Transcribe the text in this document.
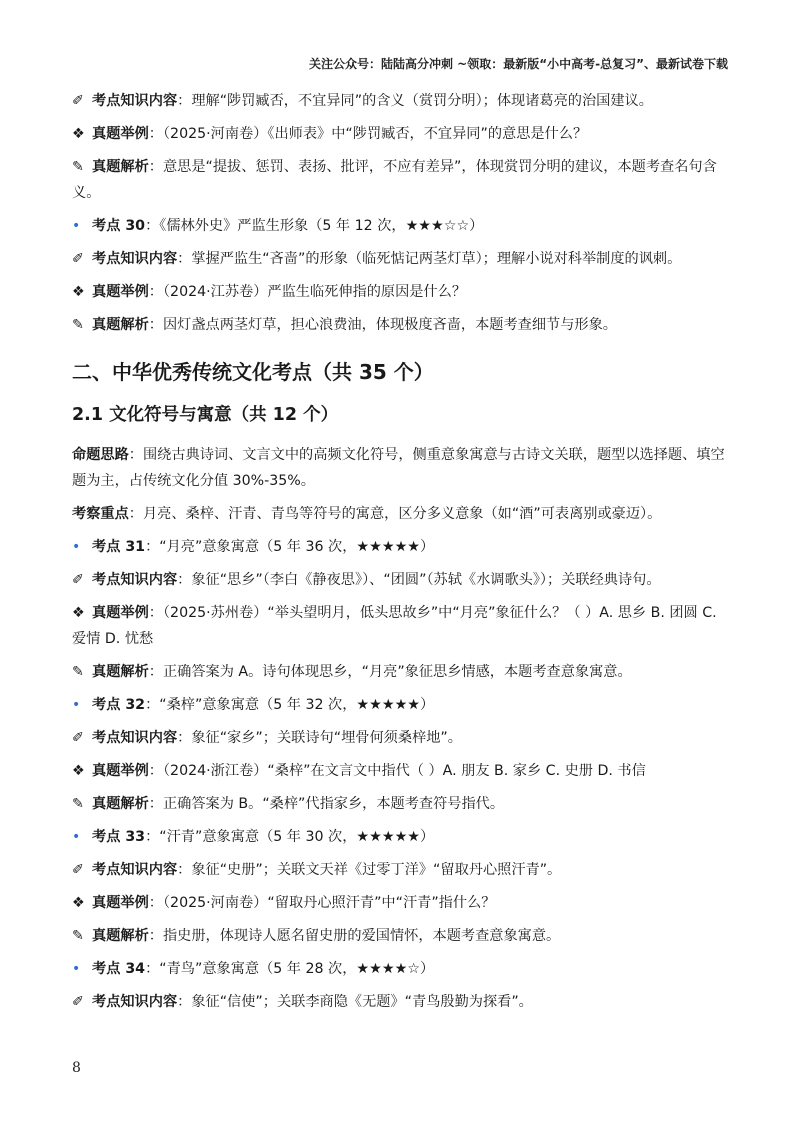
关注公众号：陆陆高分冲刺 ~领取：最新版“小中高考-总复习”、最新试卷下载
✐ 考点知识内容：理解“陟罚臧否，不宜异同”的含义（赏罚分明）；体现诸葛亮的治国建议。
❖ 真题举例：（2025·河南卷）《出师表》中“陟罚臧否，不宜异同”的意思是什么？
✎ 真题解析：意思是“提拔、惩罚、表扬、批评，不应有差异”，体现赏罚分明的建议，本题考查名句含义。
• 考点 30：《儒林外史》严监生形象（5 年 12 次，★★★☆☆）
✐ 考点知识内容：掌握严监生“吝啬”的形象（临死惦记两茎灯草）；理解小说对科举制度的讽刺。
❖ 真题举例：（2024·江苏卷）严监生临死伸指的原因是什么？
✎ 真题解析：因灯盏点两茎灯草，担心浪费油，体现极度吝啬，本题考查细节与形象。
二、中华优秀传统文化考点（共 35 个）
2.1 文化符号与寓意（共 12 个）
命题思路：围绕古典诗词、文言文中的高频文化符号，侧重意象寓意与古诗文关联，题型以选择题、填空题为主，占传统文化分值 30%-35%。
考察重点：月亮、桑梓、汗青、青鸟等符号的寓意，区分多义意象（如“酒”可表离别或豪迈）。
• 考点 31：“月亮”意象寓意（5 年 36 次，★★★★★）
✐ 考点知识内容：象征“思乡”（李白《静夜思》）、“团圆”（苏轼《水调歌头》）；关联经典诗句。
❖ 真题举例：（2025·苏州卷）“举头望明月，低头思故乡”中“月亮”象征什么？（ ）A. 思乡 B. 团圆 C. 爱情 D. 忧愁
✎ 真题解析：正确答案为 A。诗句体现思乡，“月亮”象征思乡情感，本题考查意象寓意。
• 考点 32：“桑梓”意象寓意（5 年 32 次，★★★★★）
✐ 考点知识内容：象征“家乡”；关联诗句“埋骨何须桑梓地”。
❖ 真题举例：（2024·浙江卷）“桑梓”在文言文中指代（ ）A. 朋友 B. 家乡 C. 史册 D. 书信
✎ 真题解析：正确答案为 B。“桑梓”代指家乡，本题考查符号指代。
• 考点 33：“汗青”意象寓意（5 年 30 次，★★★★★）
✐ 考点知识内容：象征“史册”；关联文天祥《过零丁洋》“留取丹心照汗青”。
❖ 真题举例：（2025·河南卷）“留取丹心照汗青”中“汗青”指什么？
✎ 真题解析：指史册，体现诗人愿名留史册的爱国情怀，本题考查意象寓意。
• 考点 34：“青鸟”意象寓意（5 年 28 次，★★★★☆）
✐ 考点知识内容：象征“信使”；关联李商隐《无题》“青鸟殷勤为探看”。
8
